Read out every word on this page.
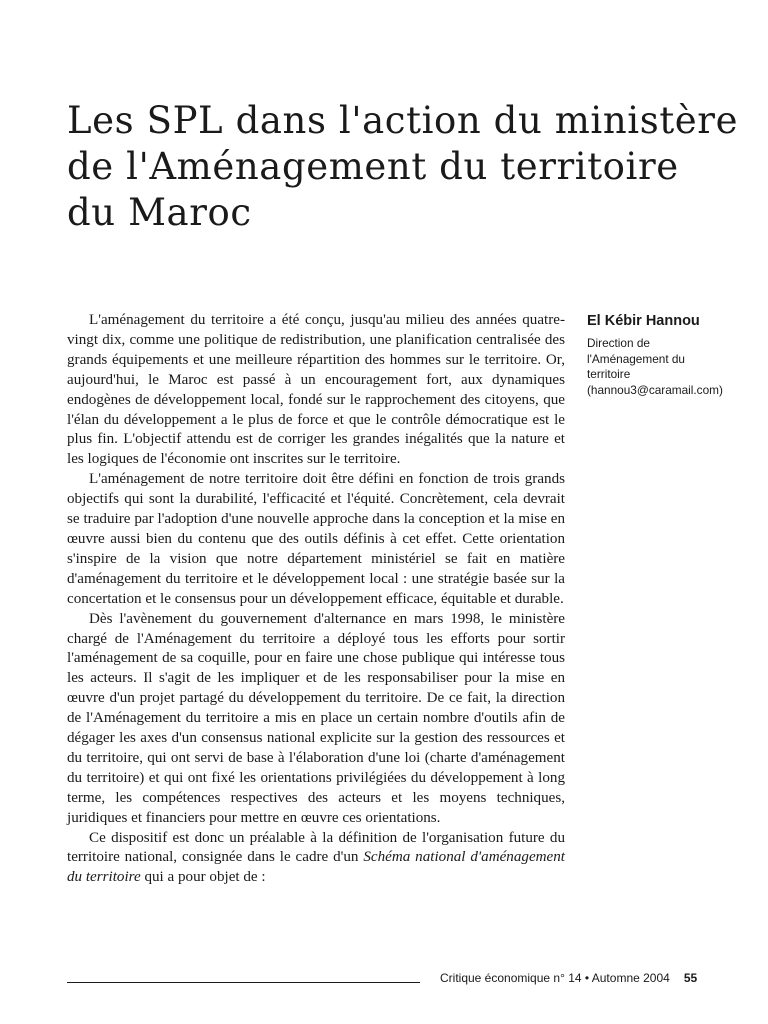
Les SPL dans l'action du ministère
de l'Aménagement du territoire
du Maroc

L'aménagement du territoire a été conçu, jusqu'au milieu des années quatre-vingt dix, comme une politique de redistribution, une planification centralisée des grands équipements et une meilleure répartition des hommes sur le territoire. Or, aujourd'hui, le Maroc est passé à un encouragement fort, aux dynamiques endogènes de développement local, fondé sur le rapprochement des citoyens, que l'élan du développement a le plus de force et que le contrôle démocratique est le plus fin. L'objectif attendu est de corriger les grandes inégalités que la nature et les logiques de l'économie ont inscrites sur le territoire.

L'aménagement de notre territoire doit être défini en fonction de trois grands objectifs qui sont la durabilité, l'efficacité et l'équité. Concrètement, cela devrait se traduire par l'adoption d'une nouvelle approche dans la conception et la mise en œuvre aussi bien du contenu que des outils définis à cet effet. Cette orientation s'inspire de la vision que notre département ministériel se fait en matière d'aménagement du territoire et le développement local : une stratégie basée sur la concertation et le consensus pour un développement efficace, équitable et durable.

Dès l'avènement du gouvernement d'alternance en mars 1998, le ministère chargé de l'Aménagement du territoire a déployé tous les efforts pour sortir l'aménagement de sa coquille, pour en faire une chose publique qui intéresse tous les acteurs. Il s'agit de les impliquer et de les responsabiliser pour la mise en œuvre d'un projet partagé du développement du territoire. De ce fait, la direction de l'Aménagement du territoire a mis en place un certain nombre d'outils afin de dégager les axes d'un consensus national explicite sur la gestion des ressources et du territoire, qui ont servi de base à l'élaboration d'une loi (charte d'aménagement du territoire) et qui ont fixé les orientations privilégiées du développement à long terme, les compétences respectives des acteurs et les moyens techniques, juridiques et financiers pour mettre en œuvre ces orientations.

Ce dispositif est donc un préalable à la définition de l'organisation future du territoire national, consignée dans le cadre d'un Schéma national d'aménagement du territoire qui a pour objet de :

El Kébir Hannou
Direction de
l'Aménagement du
territoire
(hannou3@caramail.com)
Critique économique n° 14 • Automne 2004 55
